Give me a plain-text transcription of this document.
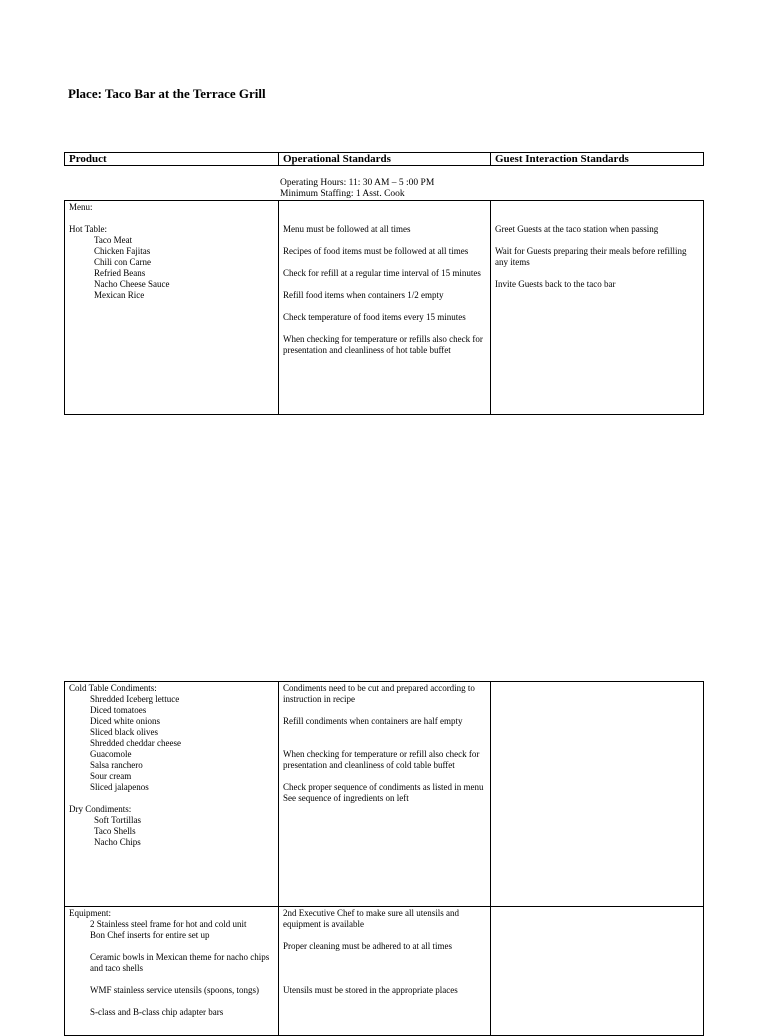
Place: Taco Bar at the Terrace Grill
Product	Operational Standards	Guest Interaction Standards
Operating Hours: 11: 30 AM – 5 :00 PM
Minimum Staffing: 1 Asst. Cook
Menu:
Hot Table:
Taco Meat
Chicken Fajitas
Chili con Carne
Refried Beans
Nacho Cheese Sauce
Mexican Rice
Menu must be followed at all times
Recipes of food items must be followed at all times
Check for refill at a regular time interval of 15 minutes
Refill food items when containers 1/2 empty
Check temperature of food items every 15 minutes
When checking for temperature or refills also check for presentation and cleanliness of hot table buffet
Greet Guests at the taco station when passing
Wait for Guests preparing their meals before refilling any items
Invite Guests back to the taco bar
Cold Table Condiments:
Shredded Iceberg lettuce
Diced tomatoes
Diced white onions
Sliced black olives
Shredded cheddar cheese
Guacomole
Salsa ranchero
Sour cream
Sliced jalapenos
Dry Condiments:
Soft Tortillas
Taco Shells
Nacho Chips
Condiments need to be cut and prepared according to instruction in recipe
Refill condiments when containers are half empty
When checking for temperature or refill also check for presentation and cleanliness of cold table buffet
Check proper sequence of condiments as listed in menu
See sequence of ingredients on left
Equipment:
2 Stainless steel frame for hot and cold unit
Bon Chef inserts for entire set up
Ceramic bowls in Mexican theme for nacho chips and taco shells
WMF stainless service utensils (spoons, tongs)
S-class and B-class chip adapter bars
2nd Executive Chef to make sure all utensils and equipment is available
Proper cleaning must be adhered to at all times
Utensils must be stored in the appropriate places
